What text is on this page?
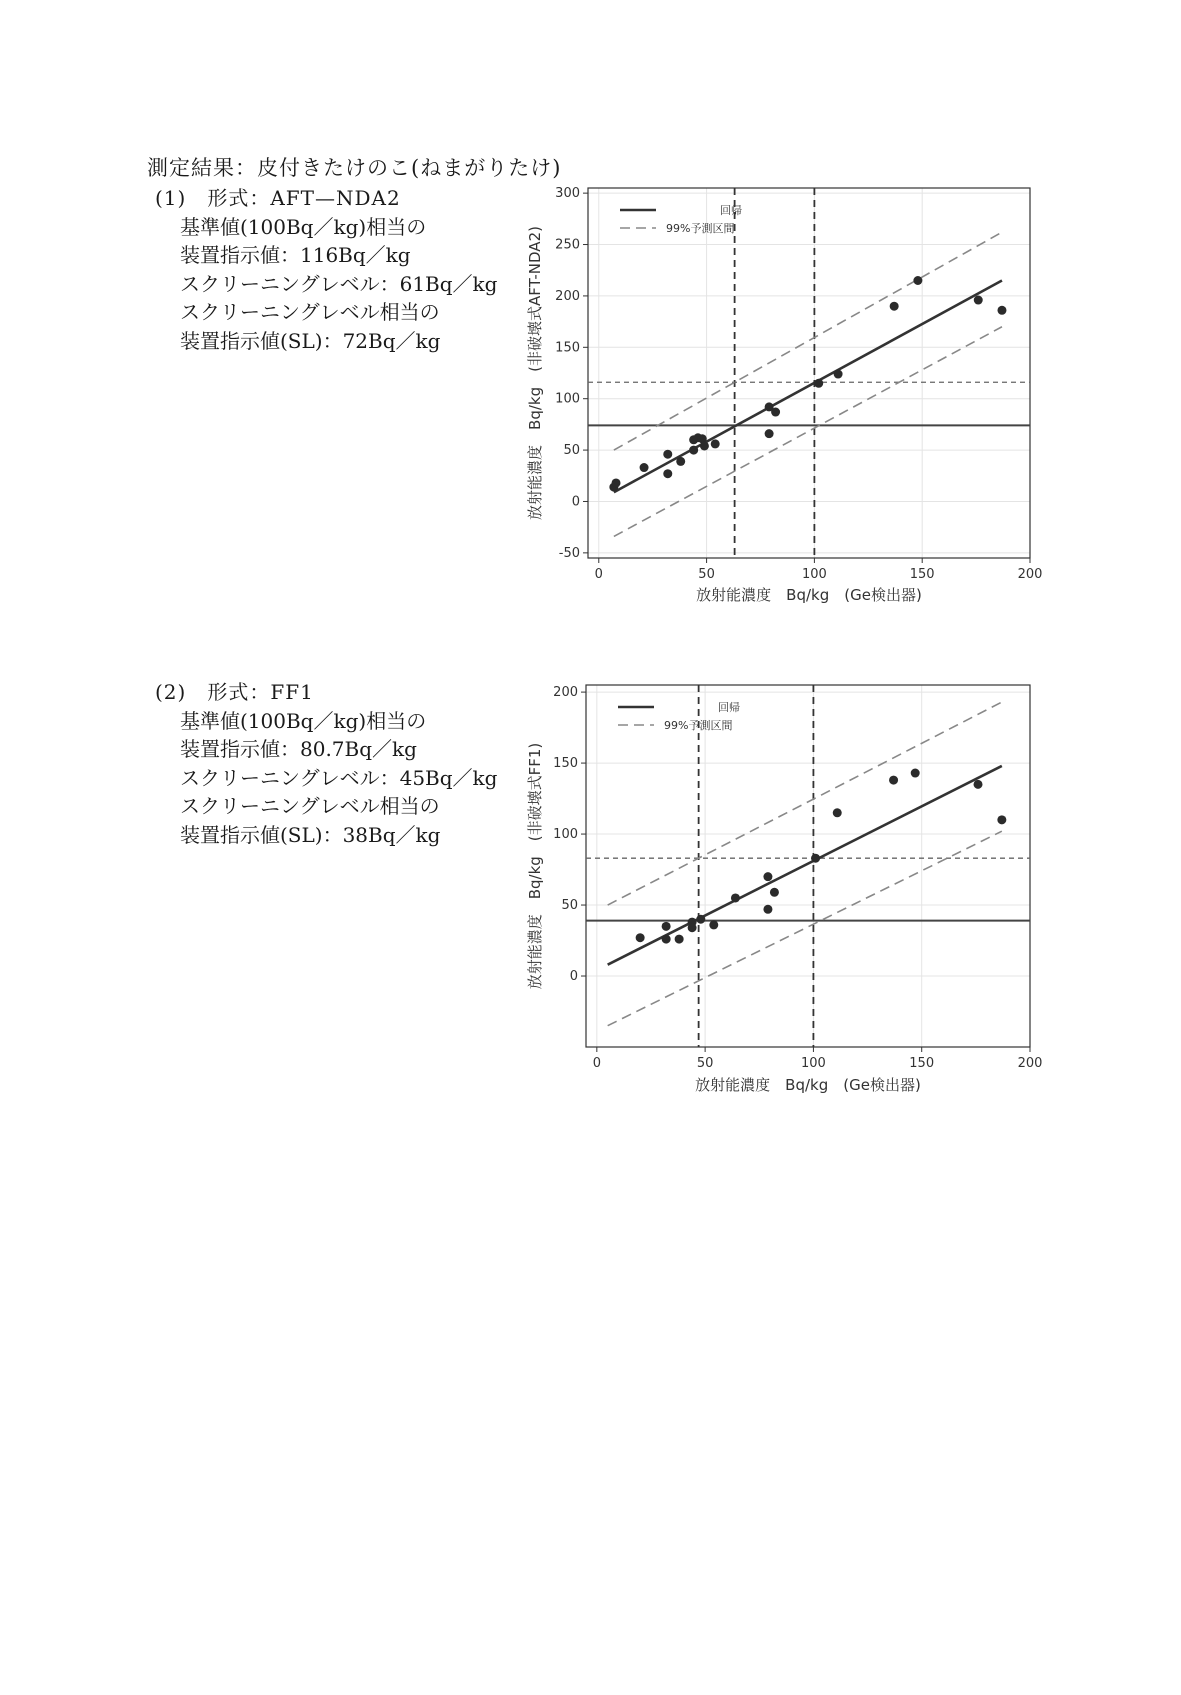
測定結果：皮付きたけのこ(ねまがりたけ)
(1)　形式：AFT—NDA2
基準値(100Bq／kg)相当の
装置指示値：116Bq／kg
スクリーニングレベル：61Bq／kg
スクリーニングレベル相当の
装置指示値(SL)：72Bq／kg
(2)　形式：FF1
基準値(100Bq／kg)相当の
装置指示値：80.7Bq／kg
スクリーニングレベル：45Bq／kg
スクリーニングレベル相当の
装置指示値(SL)：38Bq／kg
0	50	100	150	200
-50
0
50
100
150
200
250
300
回帰
99%予測区間
放射能濃度　Bq/kg　(Ge検出器)
放射能濃度　Bq/kg　(非破壊式AFT-NDA2)
0	50	100	150	200
0
50
100
150
200
回帰
99%予測区間
放射能濃度　Bq/kg　(Ge検出器)
放射能濃度　Bq/kg　(非破壊式FF1)
